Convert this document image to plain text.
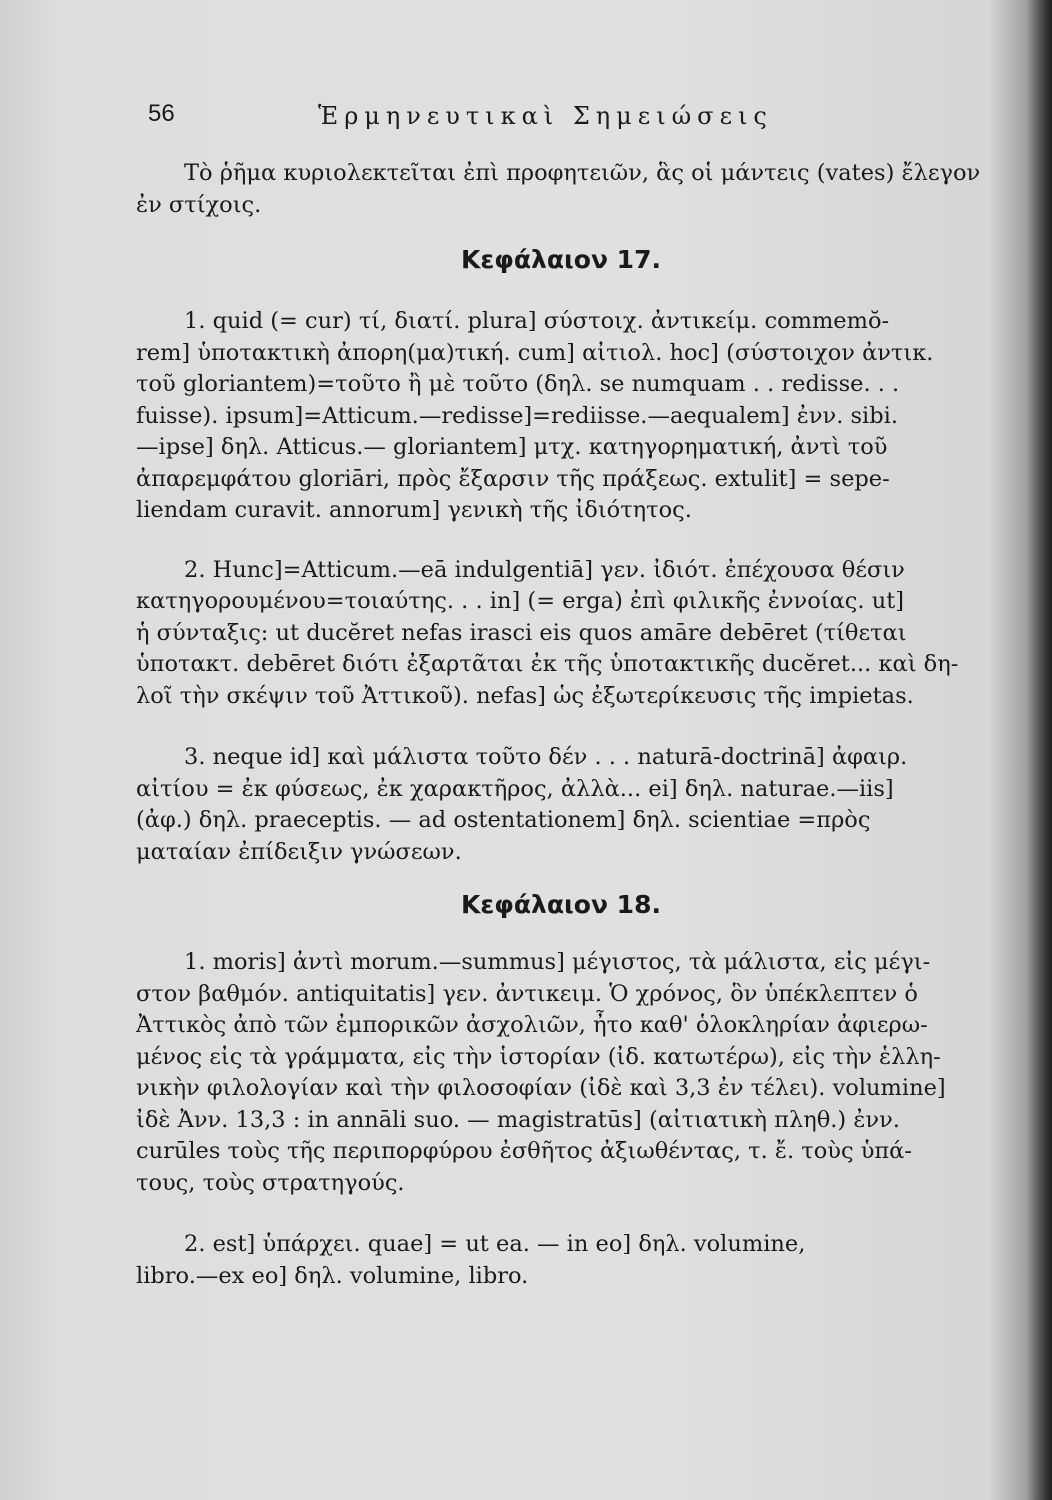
56	Ἑρμηνευτικαὶ Σημειώσεις

Τὸ ῥῆμα κυριολεκτεῖται ἐπὶ προφητειῶν, ἃς οἱ μάντεις (vates) ἔλεγον
ἐν στίχοις.

Κεφάλαιον 17.

1. quid (= cur) τί, διατί. plura] σύστοιχ. ἀντικείμ. commemŏ-
rem] ὑποτακτικὴ ἀπορη(μα)τική. cum] αἰτιολ. hoc] (σύστοιχον ἀντικ.
τοῦ gloriantem)=τοῦτο ἢ μὲ τοῦτο (δηλ. se numquam . . redisse. . .
fuisse). ipsum]=Atticum.—redisse]=rediisse.—aequalem] ἐνν. sibi.
—ipse] δηλ. Atticus.— gloriantem] μτχ. κατηγορηματική, ἀντὶ τοῦ
ἀπαρεμφάτου gloriāri, πρὸς ἔξαρσιν τῆς πράξεως. extulit] = sepe-
liendam curavit. annorum] γενικὴ τῆς ἰδιότητος.

2. Hunc]=Atticum.—eā indulgentiā] γεν. ἰδιότ. ἐπέχουσα θέσιν
κατηγορουμένου=τοιαύτης. . . in] (= erga) ἐπὶ φιλικῆς ἐννοίας. ut]
ἡ σύνταξις: ut ducĕret nefas irasci eis quos amāre debēret (τίθεται
ὑποτακτ. debēret διότι ἐξαρτᾶται ἐκ τῆς ὑποτακτικῆς ducĕret... καὶ δη-
λοῖ τὴν σκέψιν τοῦ Ἀττικοῦ). nefas] ὡς ἐξωτερίκευσις τῆς impietas.

3. neque id] καὶ μάλιστα τοῦτο δέν . . . naturā-doctrinā] ἀφαιρ.
αἰτίου = ἐκ φύσεως, ἐκ χαρακτῆρος, ἀλλὰ... ei] δηλ. naturae.—iis]
(ἀφ.) δηλ. praeceptis. — ad ostentationem] δηλ. scientiae =πρὸς
ματαίαν ἐπίδειξιν γνώσεων.

Κεφάλαιον 18.

1. moris] ἀντὶ morum.—summus] μέγιστος, τὰ μάλιστα, εἰς μέγι-
στον βαθμόν. antiquitatis] γεν. ἀντικειμ. Ὁ χρόνος, ὃν ὑπέκλεπτεν ὁ
Ἀττικὸς ἀπὸ τῶν ἐμπορικῶν ἀσχολιῶν, ἦτο καθ' ὁλοκληρίαν ἀφιερω-
μένος εἰς τὰ γράμματα, εἰς τὴν ἱστορίαν (ἰδ. κατωτέρω), εἰς τὴν ἑλλη-
νικὴν φιλολογίαν καὶ τὴν φιλοσοφίαν (ἰδὲ καὶ 3,3 ἐν τέλει). volumine]
ἰδὲ Ἀνν. 13,3 : in annāli suo. — magistratūs] (αἰτιατικὴ πληθ.) ἐνν.
curūles τοὺς τῆς περιπορφύρου ἐσθῆτος ἀξιωθέντας, τ. ἔ. τοὺς ὑπά-
τους, τοὺς στρατηγούς.

2. est] ὑπάρχει. quae] = ut ea. — in eo] δηλ. volumine,
libro.—ex eo] δηλ. volumine, libro.
